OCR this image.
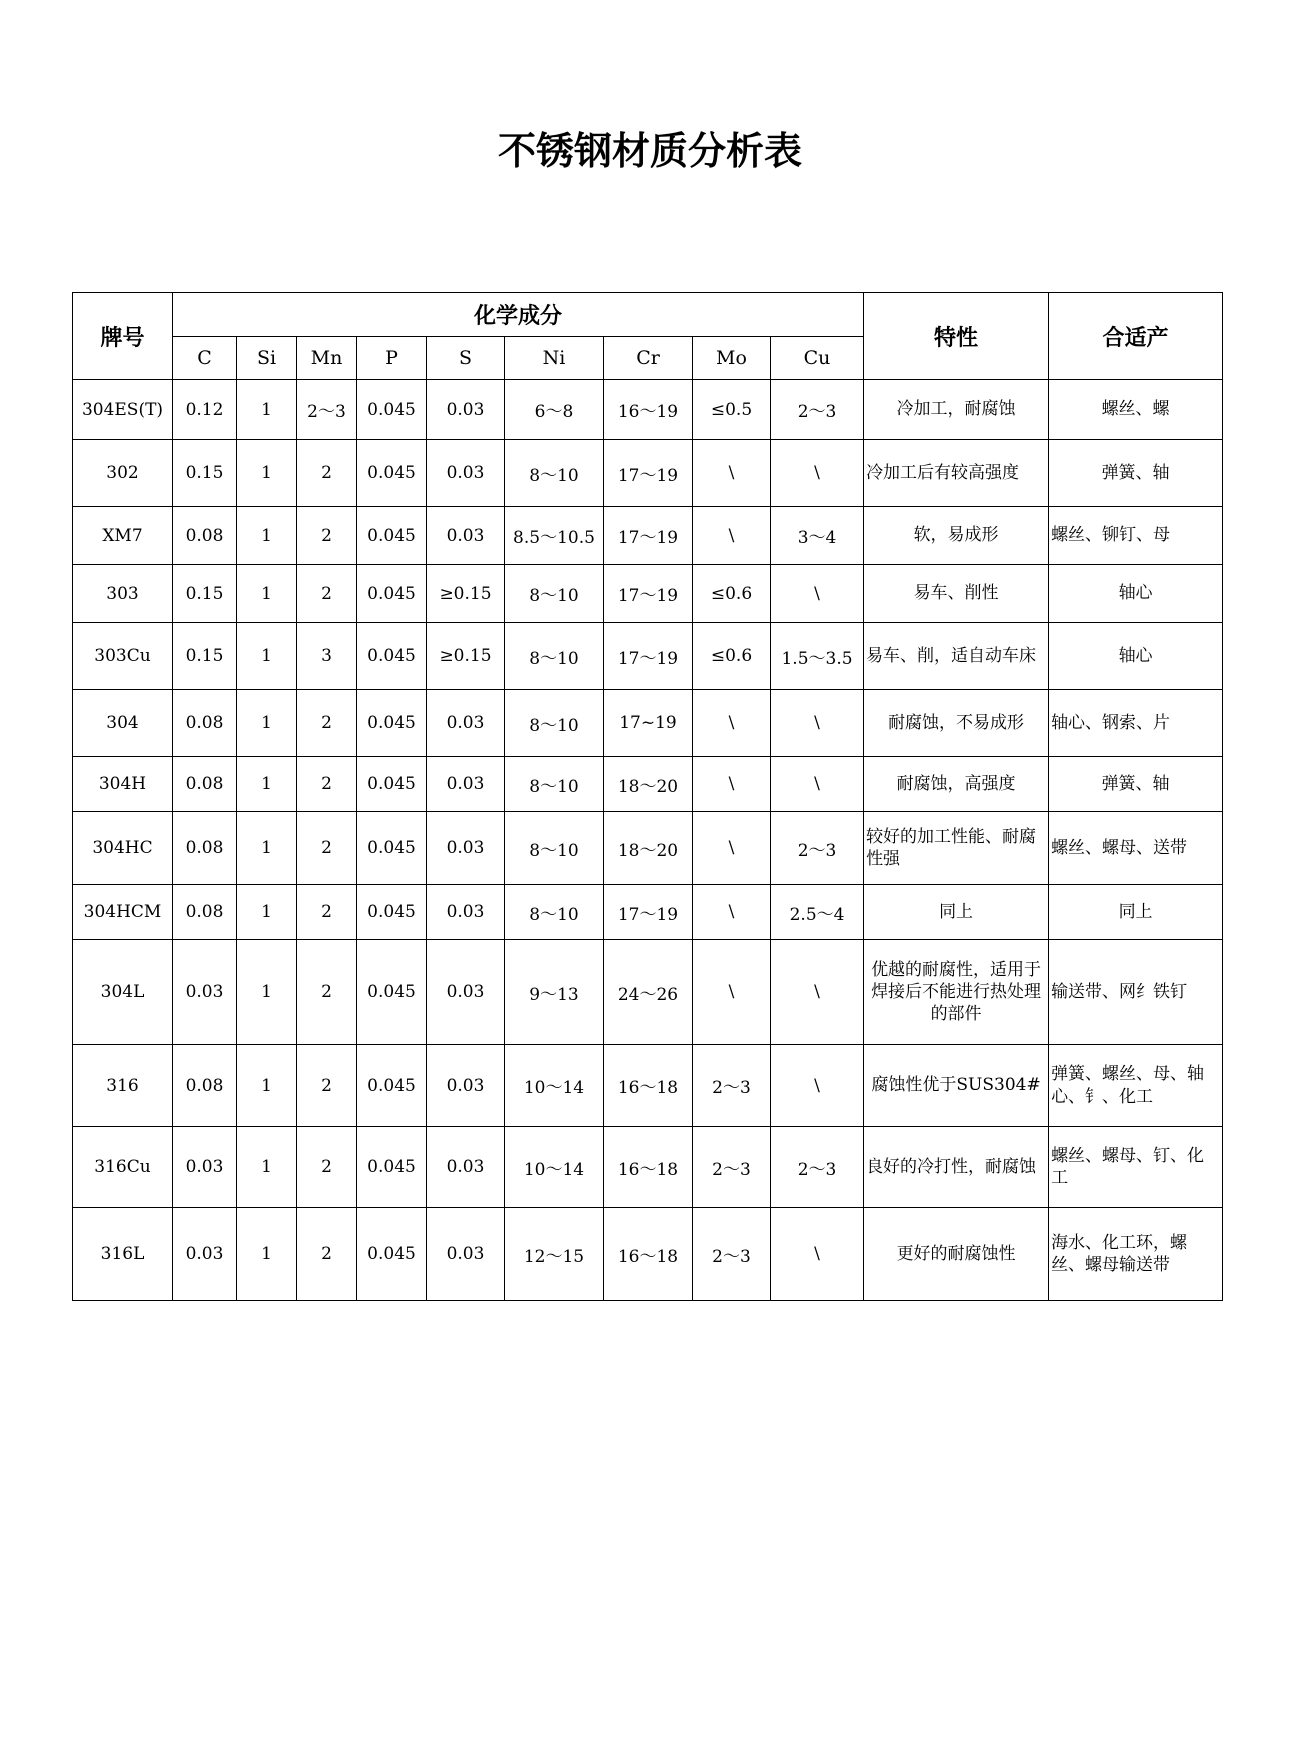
不锈钢材质分析表
牌号	化学成分									特性	合适产
	C	Si	Mn	P	S	Ni	Cr	Mo	Cu		
304ES(T)	0.12	1	2～3	0.045	0.03	6～8	16～19	≤0.5	2～3	冷加工，耐腐蚀	螺丝、螺
302	0.15	1	2	0.045	0.03	8～10	17～19	\	\	冷加工后有较高强度	弹簧、轴
XM7	0.08	1	2	0.045	0.03	8.5～10.5	17～19	\	3～4	软，易成形	螺丝、铆钉、母
303	0.15	1	2	0.045	≥0.15	8～10	17～19	≤0.6	\	易车、削性	轴心
303Cu	0.15	1	3	0.045	≥0.15	8～10	17～19	≤0.6	1.5～3.5	易车、削，适自动车床	轴心
304	0.08	1	2	0.045	0.03	8～10	17~19	\	\	耐腐蚀，不易成形	轴心、钢索、片
304H	0.08	1	2	0.045	0.03	8～10	18～20	\	\	耐腐蚀，高强度	弹簧、轴
304HC	0.08	1	2	0.045	0.03	8～10	18～20	\	2～3	较好的加工性能、耐腐性强	螺丝、螺母、送带
304HCM	0.08	1	2	0.045	0.03	8～10	17～19	\	2.5～4	同上	同上
304L	0.03	1	2	0.045	0.03	9～13	24～26	\	\	优越的耐腐性，适用于焊接后不能进行热处理的部件	输送带、网纟铁钉
316	0.08	1	2	0.045	0.03	10～14	16～18	2～3	\	腐蚀性优于SUS304#	弹簧、螺丝、母、轴心、钅、化工
316Cu	0.03	1	2	0.045	0.03	10～14	16～18	2～3	2～3	良好的冷打性，耐腐蚀	螺丝、螺母、钉、化工
316L	0.03	1	2	0.045	0.03	12～15	16～18	2～3	\	更好的耐腐蚀性	海水、化工环，螺丝、螺母输送带
